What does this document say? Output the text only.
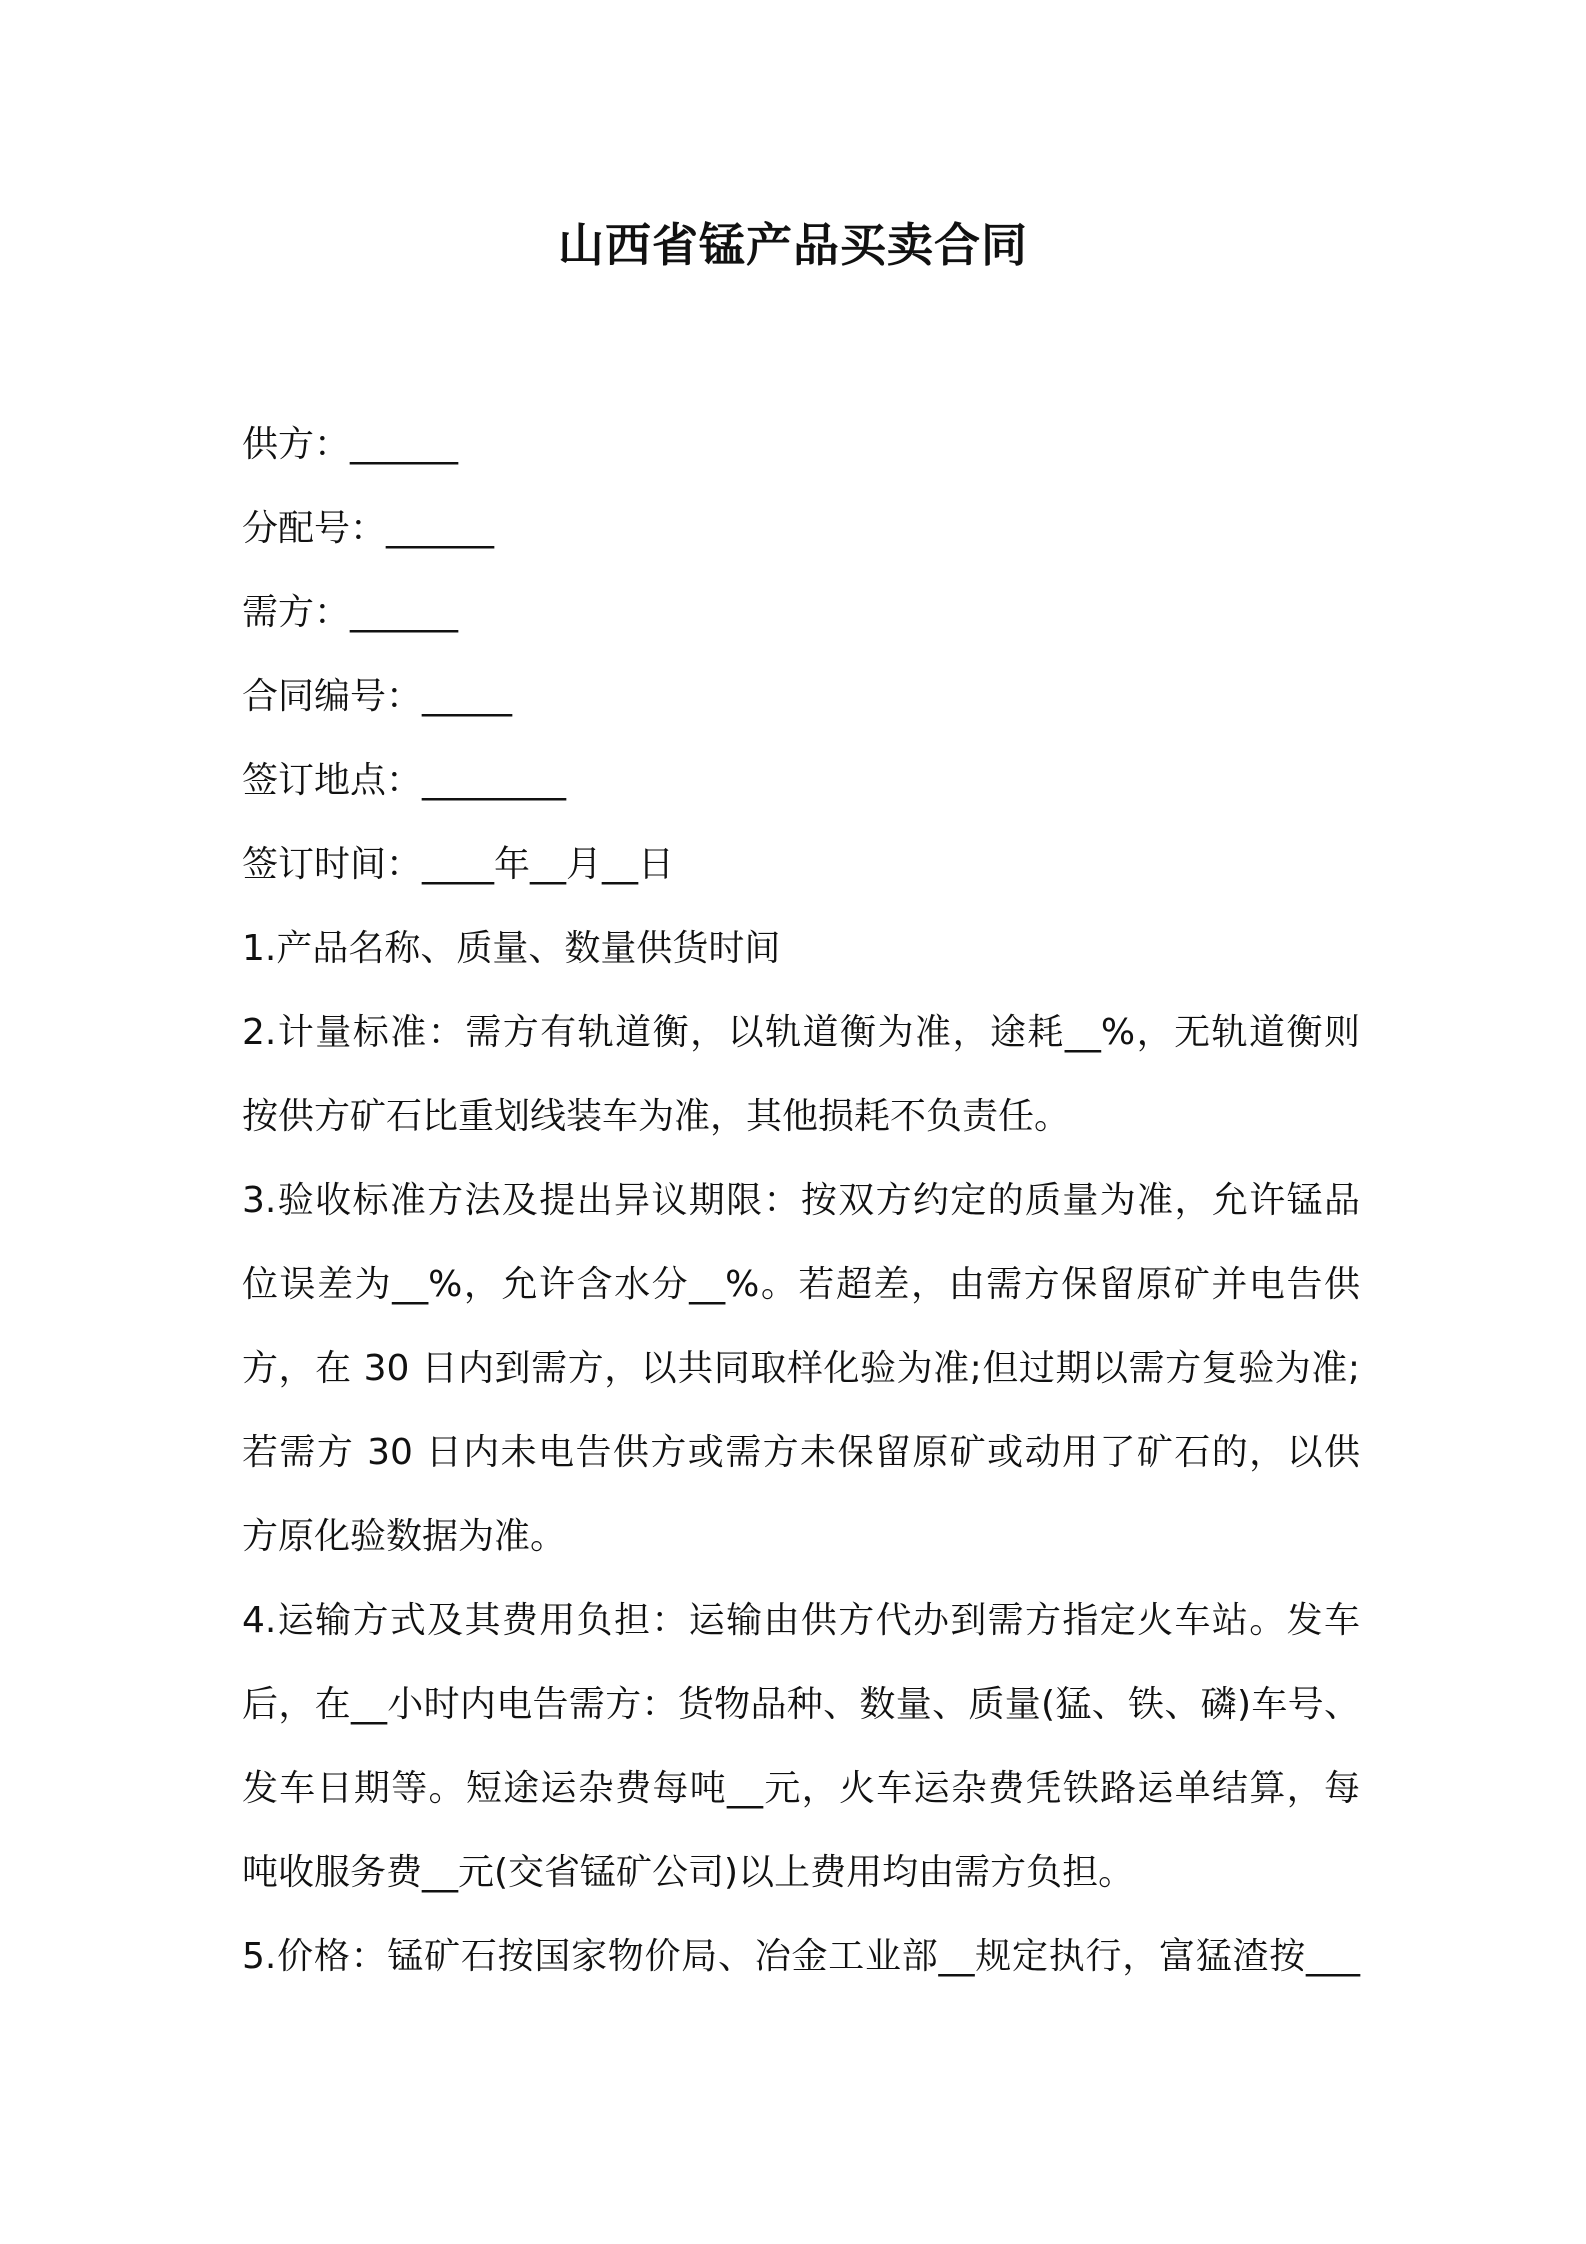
山西省锰产品买卖合同
供方：______
分配号：______
需方：______
合同编号：_____
签订地点：________
签订时间：____年__月__日
1.产品名称、质量、数量供货时间
2.计量标准：需方有轨道衡，以轨道衡为准，途耗__%，无轨道衡则
按供方矿石比重划线装车为准，其他损耗不负责任。
3.验收标准方法及提出异议期限：按双方约定的质量为准，允许锰品
位误差为__%，允许含水分__%。若超差，由需方保留原矿并电告供
方，在 30 日内到需方，以共同取样化验为准;但过期以需方复验为准;
若需方 30 日内未电告供方或需方未保留原矿或动用了矿石的，以供
方原化验数据为准。
4.运输方式及其费用负担：运输由供方代办到需方指定火车站。发车
后，在__小时内电告需方：货物品种、数量、质量(猛、铁、磷)车号、
发车日期等。短途运杂费每吨__元，火车运杂费凭铁路运单结算，每
吨收服务费__元(交省锰矿公司)以上费用均由需方负担。
5.价格：锰矿石按国家物价局、冶金工业部__规定执行，富猛渣按___
